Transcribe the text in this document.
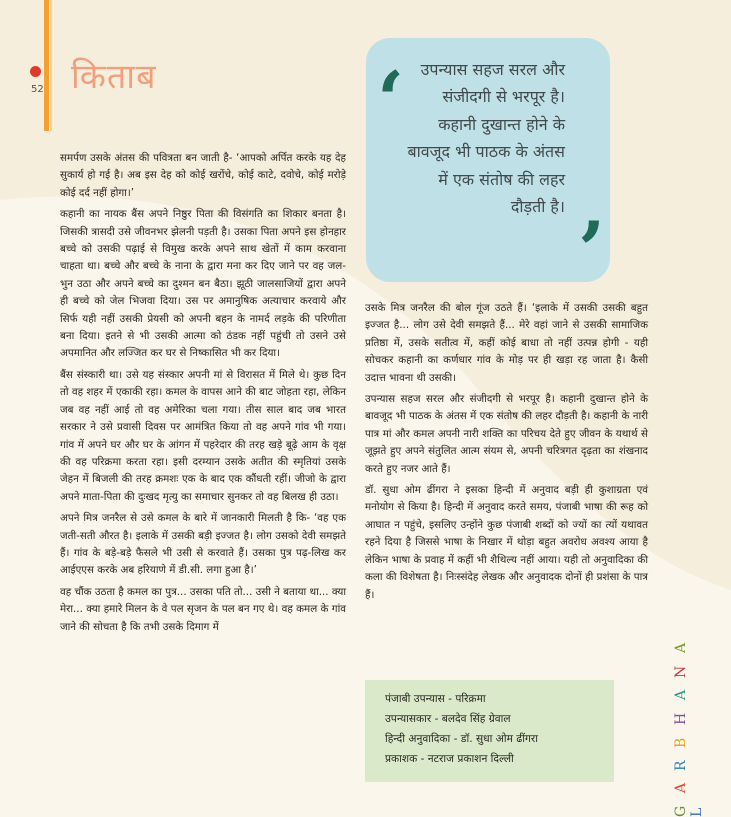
52 किताब	‘	उपन्यास सहज सरल और संजीदगी से भरपूर है। कहानी दुखान्त होने के बावजूद भी पाठक के अंतस में एक संतोष की लहर दौड़ती है। ’

समर्पण उसके अंतस की पवित्रता बन जाती है- ‘आपको अर्पित करके यह देह सुकार्य हो गई है। अब इस देह को कोई खरोंचे, कोई काटे, दवोचे, कोई मरोड़े कोई दर्द नहीं होगा।’

कहानी का नायक बैंस अपने निष्ठुर पिता की विसंगति का शिकार बनता है। जिसकी त्रासदी उसे जीवनभर झेलनी पड़ती है। उसका पिता अपने इस होनहार बच्चे को उसकी पढ़ाई से विमुख करके अपने साथ खेतों में काम करवाना चाहता था। बच्चे और बच्चे के नाना के द्वारा मना कर दिए जाने पर वह जल-भुन उठा और अपने बच्चे का दुश्मन बन बैठा। झूठी जालसाजियों द्वारा अपने ही बच्चे को जेल भिजवा दिया। उस पर अमानुषिक अत्याचार करवाये और सिर्फ यही नहीं उसकी प्रेयसी को अपनी बहन के नामर्द लड़के की परिणीता बना दिया। इतने से भी उसकी आत्मा को ठंडक नहीं पहुंची तो उसने उसे अपमानित और लज्जित कर घर से निष्कासित भी कर दिया।

बैंस संस्कारी था। उसे यह संस्कार अपनी मां से विरासत में मिले थे। कुछ दिन तो वह शहर में एकाकी रहा। कमल के वापस आने की बाट जोहता रहा, लेकिन जब वह नहीं आई तो वह अमेरिका चला गया। तीस साल बाद जब भारत सरकार ने उसे प्रवासी दिवस पर आमंत्रित किया तो वह अपने गांव भी गया। गांव में अपने घर और घर के आंगन में पहरेदार की तरह खड़े बूढ़े आम के वृक्ष की वह परिक्रमा करता रहा। इसी दरम्यान उसके अतीत की स्मृतियां उसके जेहन में बिजली की तरह क्रमशः एक के बाद एक कौंधती रहीं। जीजो के द्वारा अपने माता-पिता की दुःखद मृत्यु का समाचार सुनकर तो वह बिलख ही उठा।

अपने मित्र जनरैल से उसे कमल के बारे में जानकारी मिलती है कि- ‘वह एक जती-सती औरत है। इलाके में उसकी बड़ी इज्जत है। लोग उसको देवी समझते हैं। गांव के बड़े-बड़े फैसले भी उसी से करवाते हैं। उसका पुत्र पढ़-लिख कर आईएएस करके अब हरियाणे में डी.सी. लगा हुआ है।’

वह चौंक उठता है कमल का पुत्र... उसका पति तो... उसी ने बताया था... क्या मेरा... क्या हमारे मिलन के वे पल सृजन के पल बन गए थे। वह कमल के गांव जाने की सोचता है कि तभी उसके दिमाग में

उसके मित्र जनरैल की बोल गूंज उठते हैं। ‘इलाके में उसकी उसकी बहुत इज्जत है... लोग उसे देवी समझते हैं... मेरे वहां जाने से उसकी सामाजिक प्रतिष्ठा में, उसके सतीत्व में, कहीं कोई बाधा तो नहीं उत्पन्न होगी - यही सोचकर कहानी का कर्णधार गांव के मोड़ पर ही खड़ा रह जाता है। कैसी उदात्त भावना थी उसकी।

उपन्यास सहज सरल और संजीदगी से भरपूर है। कहानी दुखान्त होने के बावजूद भी पाठक के अंतस में एक संतोष की लहर दौड़ती है। कहानी के नारी पात्र मां और कमल अपनी नारी शक्ति का परिचय देते हुए जीवन के यथार्थ से जूझते हुए अपने संतुलित आत्म संयम से, अपनी चरित्रगत दृढ़ता का शंखनाद करते हुए नजर आते हैं।

डॉ. सुधा ओम ढींगरा ने इसका हिन्दी में अनुवाद बड़ी ही कुशाग्रता एवं मनोयोग से किया है। हिन्दी में अनुवाद करते समय, पंजाबी भाषा की रूह को आघात न पहुंचे, इसलिए उन्होंने कुछ पंजाबी शब्दों को ज्यों का त्यों यथावत रहने दिया है जिससे भाषा के निखार में थोड़ा बहुत अवरोध अवश्य आया है लेकिन भाषा के प्रवाह में कहीं भी शैथिल्य नहीं आया। यही तो अनुवादिका की कला की विशेषता है। निःस्संदेह लेखक और अनुवादक दोनों ही प्रशंसा के पात्र हैं।

पंजाबी उपन्यास - परिक्रमा
उपन्यासकार - बलदेव सिंह ग्रेवाल
हिन्दी अनुवादिका - डॉ. सुधा ओम ढींगरा
प्रकाशक - नटराज प्रकाशन दिल्ली
G A R B H A N A L
